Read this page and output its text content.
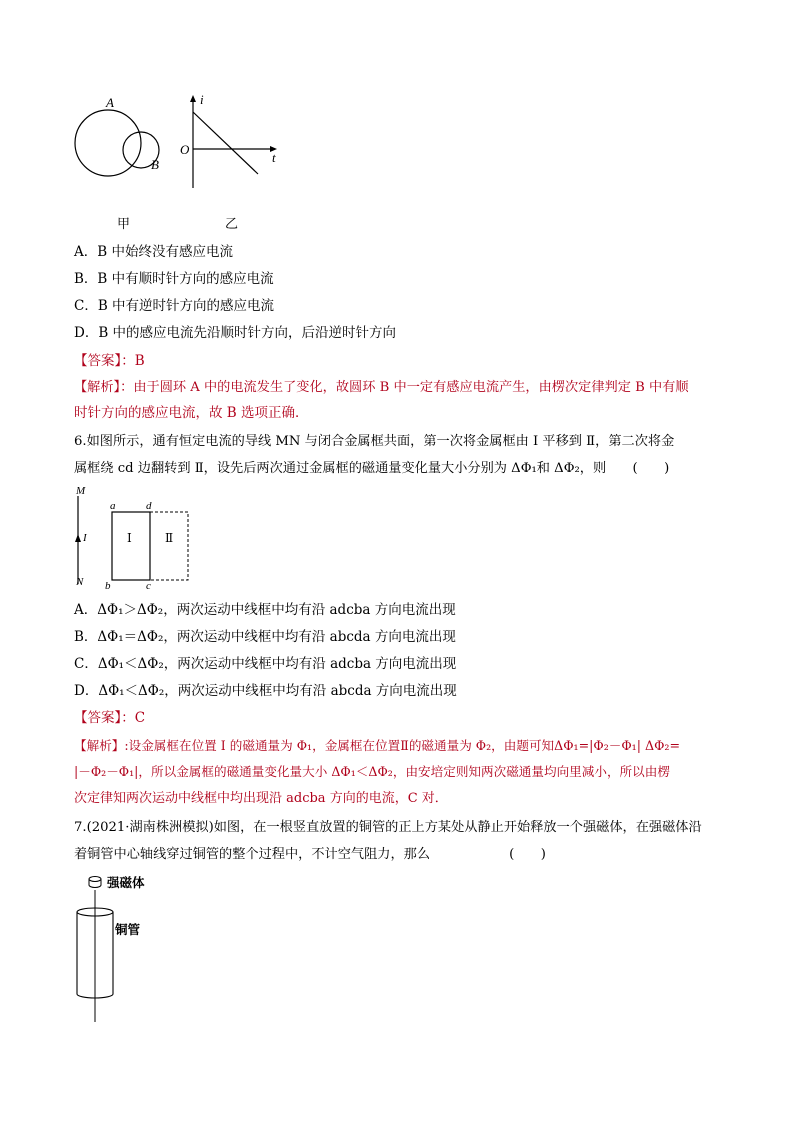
A
B
i
O
t
甲	乙
A．B 中始终没有感应电流
B．B 中有顺时针方向的感应电流
C．B 中有逆时针方向的感应电流
D．B 中的感应电流先沿顺时针方向，后沿逆时针方向
【答案】：B
【解析】：由于圆环 A 中的电流发生了变化，故圆环 B 中一定有感应电流产生，由楞次定律判定 B 中有顺
时针方向的感应电流，故 B 选项正确．
6.如图所示，通有恒定电流的导线 MN 与闭合金属框共面，第一次将金属框由 Ⅰ 平移到 Ⅱ，第二次将金
属框绕 cd 边翻转到 Ⅱ，设先后两次通过金属框的磁通量变化量大小分别为 ΔΦ₁和 ΔΦ₂，则　　(　　)
M
N
I
a	d
b	c
Ⅰ	Ⅱ
A．ΔΦ₁＞ΔΦ₂，两次运动中线框中均有沿 adcba 方向电流出现
B．ΔΦ₁＝ΔΦ₂，两次运动中线框中均有沿 abcda 方向电流出现
C．ΔΦ₁＜ΔΦ₂，两次运动中线框中均有沿 adcba 方向电流出现
D．ΔΦ₁＜ΔΦ₂，两次运动中线框中均有沿 abcda 方向电流出现
【答案】：C
【解析】:设金属框在位置 Ⅰ 的磁通量为 Φ₁，金属框在位置Ⅱ的磁通量为 Φ₂，由题可知ΔΦ₁=|Φ₂－Φ₁| ΔΦ₂=
|－Φ₂－Φ₁|，所以金属框的磁通量变化量大小 ΔΦ₁＜ΔΦ₂，由安培定则知两次磁通量均向里减小，所以由楞
次定律知两次运动中线框中均出现沿 adcba 方向的电流，C 对．
7.(2021·湖南株洲模拟)如图，在一根竖直放置的铜管的正上方某处从静止开始释放一个强磁体，在强磁体沿
着铜管中心轴线穿过铜管的整个过程中，不计空气阻力，那么　　　　　　(　　)
强磁体
铜管
